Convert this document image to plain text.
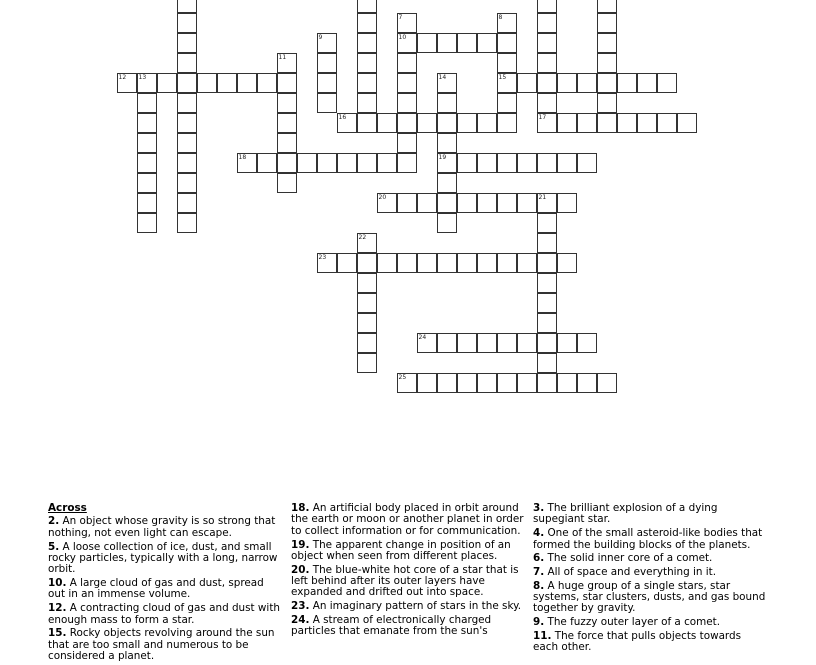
17
7
10
8
15
9
11
12 13	14
19
16
18
20	21
22
23
24
25
Across
2. An object whose gravity is so strong that nothing, not even light can escape.
5. A loose collection of ice, dust, and small rocky particles, typically with a long, narrow orbit.
10. A large cloud of gas and dust, spread out in an immense volume.
12. A contracting cloud of gas and dust with enough mass to form a star.
15. Rocky objects revolving around the sun that are too small and numerous to be considered a planet.
18. An artificial body placed in orbit around the earth or moon or another planet in order to collect information or for communication.
19. The apparent change in position of an object when seen from different places.
20. The blue-white hot core of a star that is left behind after its outer layers have expanded and drifted out into space.
23. An imaginary pattern of stars in the sky.
24. A stream of electronically charged particles that emanate from the sun's
3. The brilliant explosion of a dying supegiant star.
4. One of the small asteroid-like bodies that formed the building blocks of the planets.
6. The solid inner core of a comet.
7. All of space and everything in it.
8. A huge group of a single stars, star systems, star clusters, dusts, and gas bound together by gravity.
9. The fuzzy outer layer of a comet.
11. The force that pulls objects towards each other.
